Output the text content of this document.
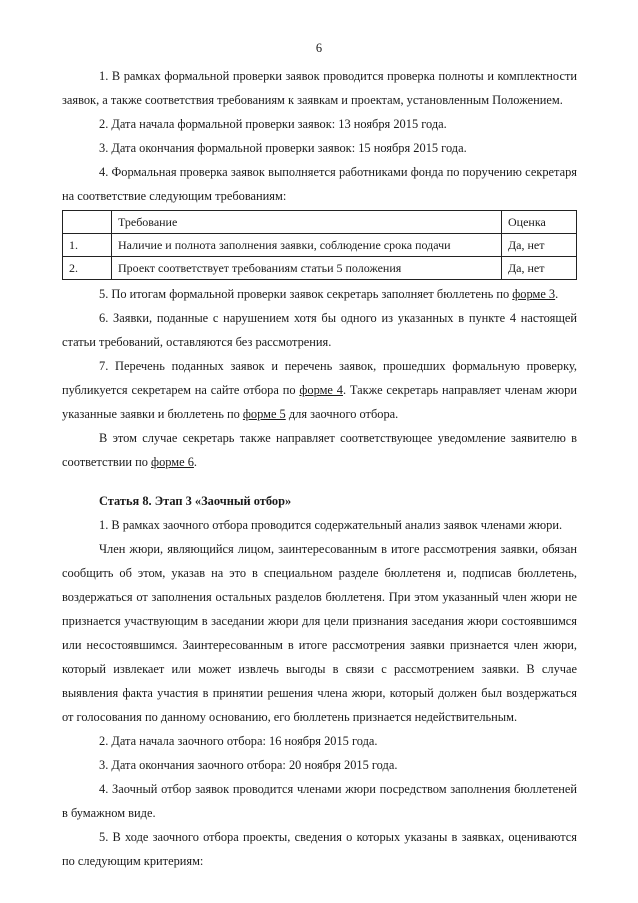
6

1. В рамках формальной проверки заявок проводится проверка полноты и комплектности заявок, а также соответствия требованиям к заявкам и проектам, установленным Положением.

2. Дата начала формальной проверки заявок: 13 ноября 2015 года.

3. Дата окончания формальной проверки заявок: 15 ноября 2015 года.

4. Формальная проверка заявок выполняется работниками фонда по поручению секретаря на соответствие следующим требованиям:

	Требование	Оценка
1.	Наличие и полнота заполнения заявки, соблюдение срока подачи	Да, нет
2.	Проект соответствует требованиям статьи 5 положения	Да, нет

5. По итогам формальной проверки заявок секретарь заполняет бюллетень по форме 3.

6. Заявки, поданные с нарушением хотя бы одного из указанных в пункте 4 настоящей статьи требований, оставляются без рассмотрения.

7. Перечень поданных заявок и перечень заявок, прошедших формальную проверку, публикуется секретарем на сайте отбора по форме 4. Также секретарь направляет членам жюри указанные заявки и бюллетень по форме 5 для заочного отбора.

В этом случае секретарь также направляет соответствующее уведомление заявителю в соответствии по форме 6.

Статья 8. Этап 3 «Заочный отбор»

1. В рамках заочного отбора проводится содержательный анализ заявок членами жюри.

Член жюри, являющийся лицом, заинтересованным в итоге рассмотрения заявки, обязан сообщить об этом, указав на это в специальном разделе бюллетеня и, подписав бюллетень, воздержаться от заполнения остальных разделов бюллетеня. При этом указанный член жюри не признается участвующим в заседании жюри для цели признания заседания жюри состоявшимся или несостоявшимся. Заинтересованным в итоге рассмотрения заявки признается член жюри, который извлекает или может извлечь выгоды в связи с рассмотрением заявки. В случае выявления факта участия в принятии решения члена жюри, который должен был воздержаться от голосования по данному основанию, его бюллетень признается недействительным.

2. Дата начала заочного отбора: 16 ноября 2015 года.

3. Дата окончания заочного отбора: 20 ноября 2015 года.

4. Заочный отбор заявок проводится членами жюри посредством заполнения бюллетеней в бумажном виде.

5. В ходе заочного отбора проекты, сведения о которых указаны в заявках, оцениваются по следующим критериям:
